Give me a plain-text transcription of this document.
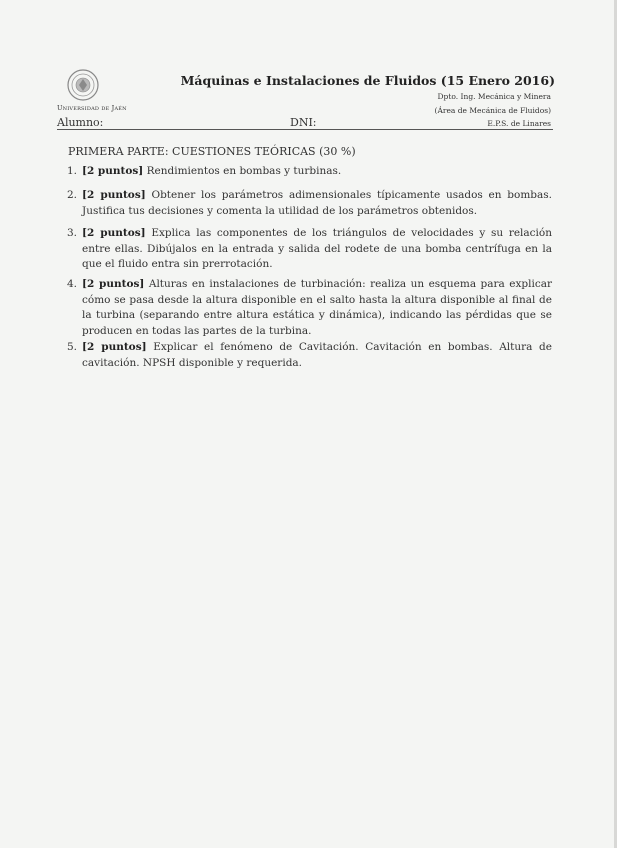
Universidad de Jaén
Máquinas e Instalaciones de Fluidos (15 Enero 2016)
Dpto. Ing. Mecánica y Minera
(Área de Mecánica de Fluidos)
E.P.S. de Linares
Alumno:	DNI:
PRIMERA PARTE: CUESTIONES TEÓRICAS (30 %)
1. [2 puntos] Rendimientos en bombas y turbinas.
2. [2 puntos] Obtener los parámetros adimensionales típicamente usados en bombas. Justifica tus decisiones y comenta la utilidad de los parámetros obtenidos.
3. [2 puntos] Explica las componentes de los triángulos de velocidades y su relación entre ellas. Dibújalos en la entrada y salida del rodete de una bomba centrífuga en la que el fluido entra sin prerrotación.
4. [2 puntos] Alturas en instalaciones de turbinación: realiza un esquema para explicar cómo se pasa desde la altura disponible en el salto hasta la altura disponible al final de la turbina (separando entre altura estática y dinámica), indicando las pérdidas que se producen en todas las partes de la turbina.
5. [2 puntos] Explicar el fenómeno de Cavitación. Cavitación en bombas. Altura de cavitación. NPSH disponible y requerida.
